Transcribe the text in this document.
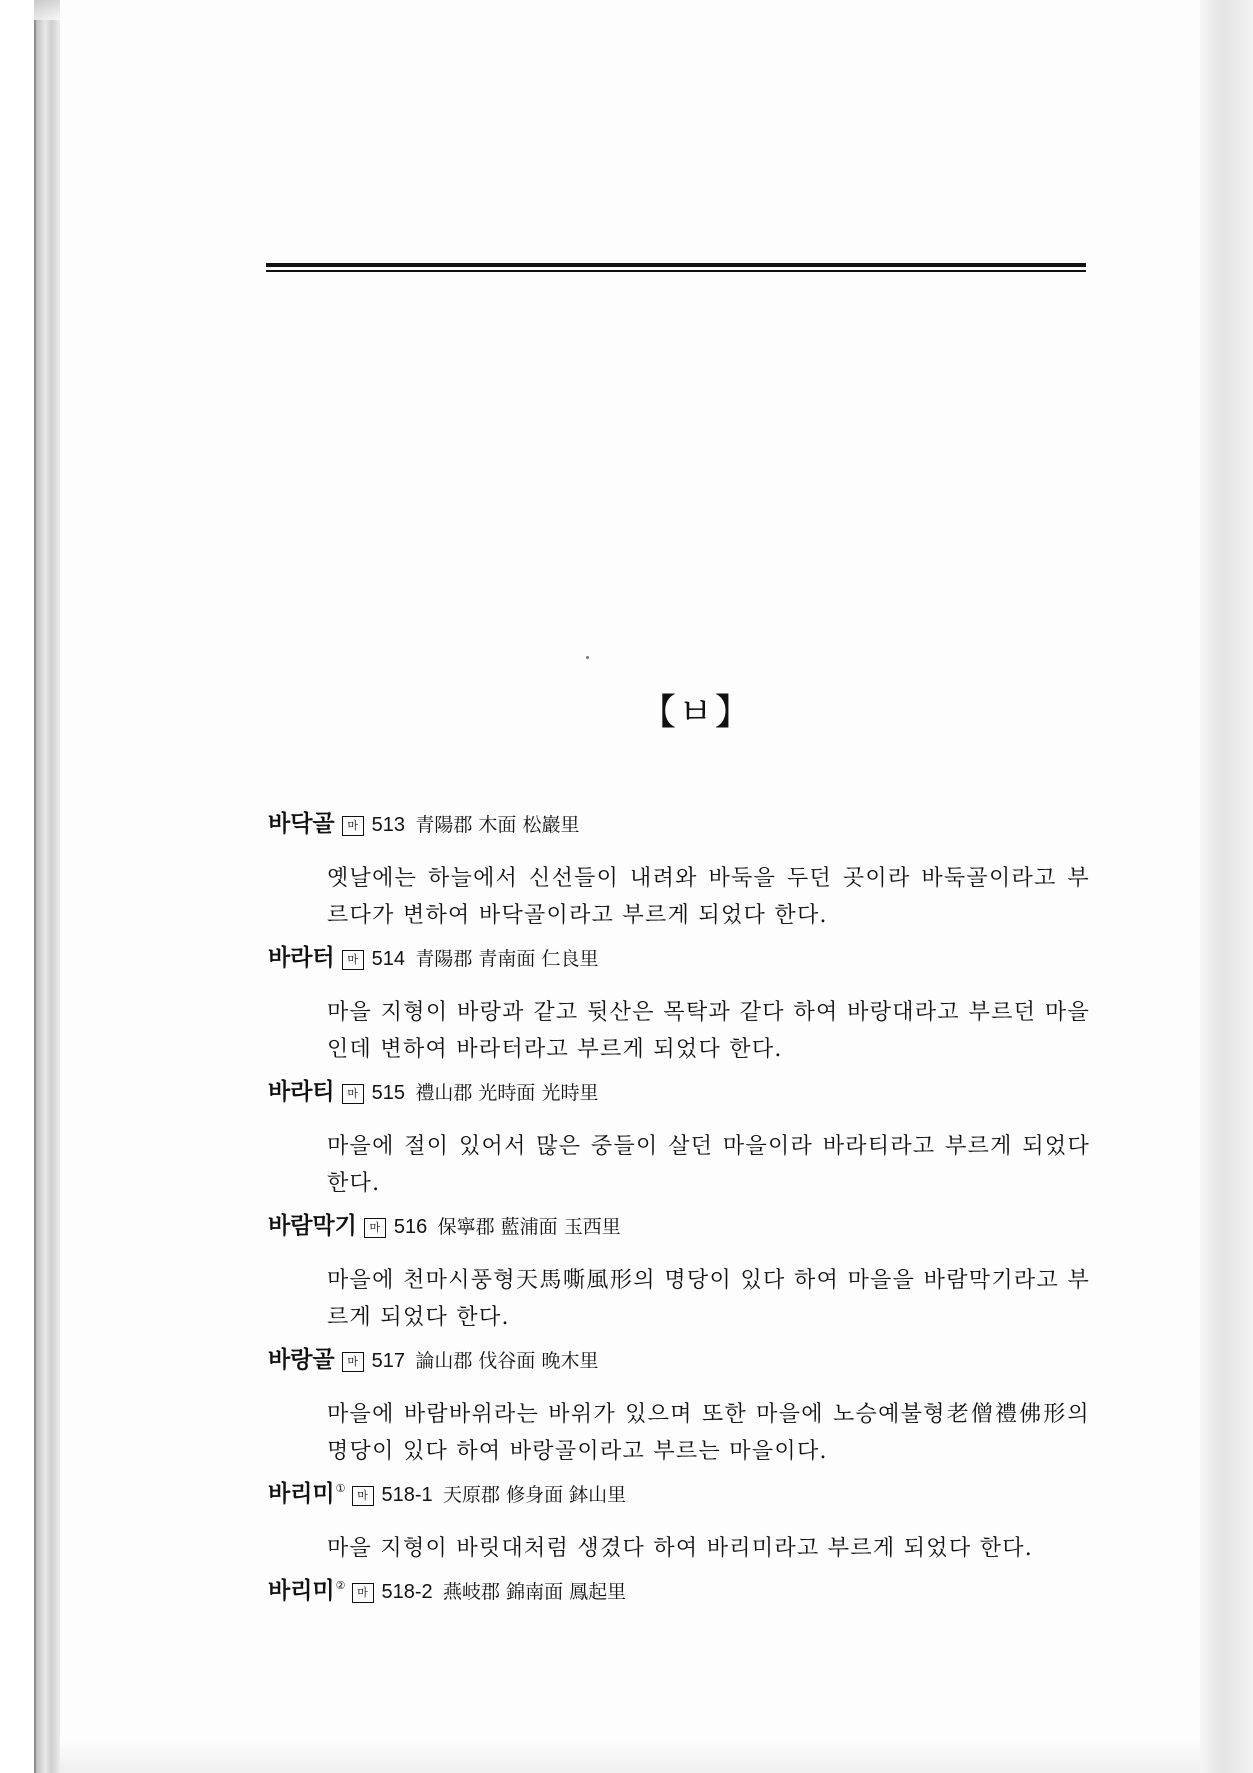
【ㅂ】
바닥골 마 513 青陽郡 木面 松巖里

옛날에는 하늘에서 신선들이 내려와 바둑을 두던 곳이라 바둑골이라고 부르다가 변하여 바닥골이라고 부르게 되었다 한다.

바라터 마 514 青陽郡 青南面 仁良里

마을 지형이 바랑과 같고 뒷산은 목탁과 같다 하여 바랑대라고 부르던 마을인데 변하여 바라터라고 부르게 되었다 한다.

바라티 마 515 禮山郡 光時面 光時里

마을에 절이 있어서 많은 중들이 살던 마을이라 바라티라고 부르게 되었다 한다.

바람막기 마 516 保寧郡 藍浦面 玉西里

마을에 천마시풍형天馬嘶風形의 명당이 있다 하여 마을을 바람막기라고 부르게 되었다 한다.

바랑골 마 517 論山郡 伐谷面 晚木里

마을에 바람바위라는 바위가 있으며 또한 마을에 노승예불형老僧禮佛形의 명당이 있다 하여 바랑골이라고 부르는 마을이다.

바리미①마 518-1 天原郡 修身面 鉢山里

마을 지형이 바릿대처럼 생겼다 하여 바리미라고 부르게 되었다 한다.

바리미②마 518-2 燕岐郡 錦南面 鳳起里
